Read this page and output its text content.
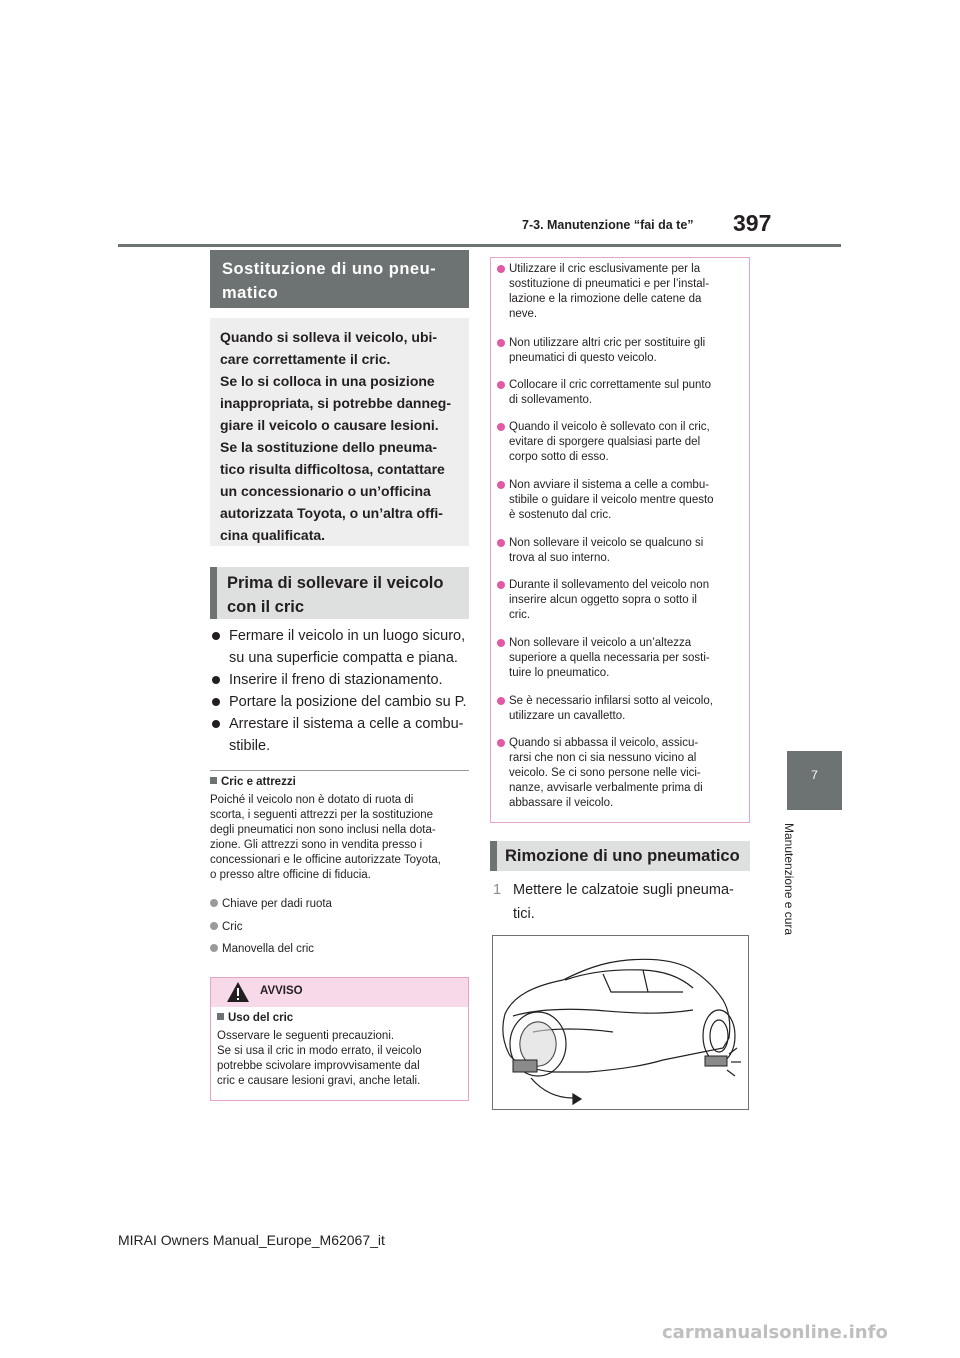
7-3. Manutenzione “fai da te” 397
7
Manutenzione e cura
Sostituzione di uno pneu-
matico

Quando si solleva il veicolo, ubi-

care correttamente il cric.

Se lo si colloca in una posizione

inappropriata, si potrebbe danneg-

giare il veicolo o causare lesioni.

Se la sostituzione dello pneuma-

tico risulta difficoltosa, contattare

un concessionario o un’officina

autorizzata Toyota, o un’altra offi-

cina qualificata.

Prima di sollevare il veicolo
con il cric
Fermare il veicolo in un luogo sicuro, su una superficie compatta e piana.
Inserire il freno di stazionamento.
Portare la posizione del cambio su P.
Arrestare il sistema a celle a combu-stibile.
Cric e attrezzi
Poiché il veicolo non è dotato di ruota di
scorta, i seguenti attrezzi per la sostituzione
degli pneumatici non sono inclusi nella dota-
zione. Gli attrezzi sono in vendita presso i
concessionari e le officine autorizzate Toyota,
o presso altre officine di fiducia.
Chiave per dadi ruota
Cric
Manovella del cric
AVVISO
Uso del cric
Osservare le seguenti precauzioni.
Se si usa il cric in modo errato, il veicolo
potrebbe scivolare improvvisamente dal
cric e causare lesioni gravi, anche letali.
Utilizzare il cric esclusivamente per la
sostituzione di pneumatici e per l’instal-
lazione e la rimozione delle catene da
neve.
Non utilizzare altri cric per sostituire gli
pneumatici di questo veicolo.
Collocare il cric correttamente sul punto
di sollevamento.
Quando il veicolo è sollevato con il cric,
evitare di sporgere qualsiasi parte del
corpo sotto di esso.
Non avviare il sistema a celle a combu-
stibile o guidare il veicolo mentre questo
è sostenuto dal cric.
Non sollevare il veicolo se qualcuno si
trova al suo interno.
Durante il sollevamento del veicolo non
inserire alcun oggetto sopra o sotto il
cric.
Non sollevare il veicolo a un’altezza
superiore a quella necessaria per sosti-
tuire lo pneumatico.
Se è necessario infilarsi sotto al veicolo,
utilizzare un cavalletto.
Quando si abbassa il veicolo, assicu-
rarsi che non ci sia nessuno vicino al
veicolo. Se ci sono persone nelle vici-
nanze, avvisarle verbalmente prima di
abbassare il veicolo.
Rimozione di uno pneumatico
1 Mettere le calzatoie sugli pneuma-
tici.
MIRAI Owners Manual_Europe_M62067_it
carmanualsonline.info
